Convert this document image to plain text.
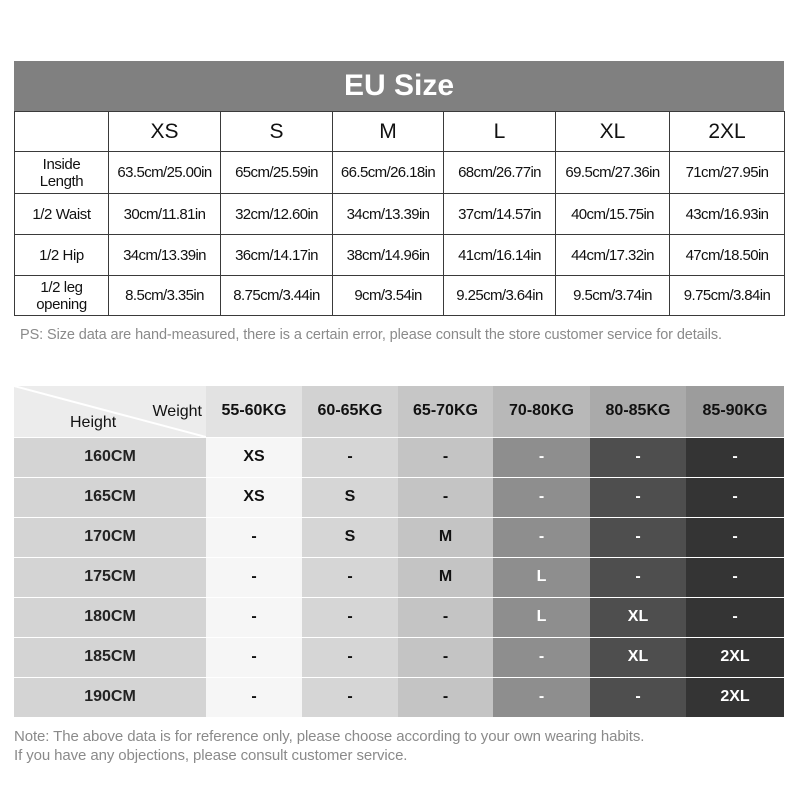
EU Size
	XS	S	M	L	XL	2XL
Inside Length	63.5cm/25.00in	65cm/25.59in	66.5cm/26.18in	68cm/26.77in	69.5cm/27.36in	71cm/27.95in
1/2 Waist	30cm/11.81in	32cm/12.60in	34cm/13.39in	37cm/14.57in	40cm/15.75in	43cm/16.93in
1/2 Hip	34cm/13.39in	36cm/14.17in	38cm/14.96in	41cm/16.14in	44cm/17.32in	47cm/18.50in
1/2 leg opening	8.5cm/3.35in	8.75cm/3.44in	9cm/3.54in	9.25cm/3.64in	9.5cm/3.74in	9.75cm/3.84in
PS: Size data are hand-measured, there is a certain error, please consult the store customer service for details.
Weight
Height	55-60KG	60-65KG	65-70KG	70-80KG	80-85KG	85-90KG
160CM	XS	-	-	-	-	-
165CM	XS	S	-	-	-	-
170CM	-	S	M	-	-	-
175CM	-	-	M	L	-	-
180CM	-	-	-	L	XL	-
185CM	-	-	-	-	XL	2XL
190CM	-	-	-	-	-	2XL
Note: The above data is for reference only, please choose according to your own wearing habits.
If you have any objections, please consult customer service.
